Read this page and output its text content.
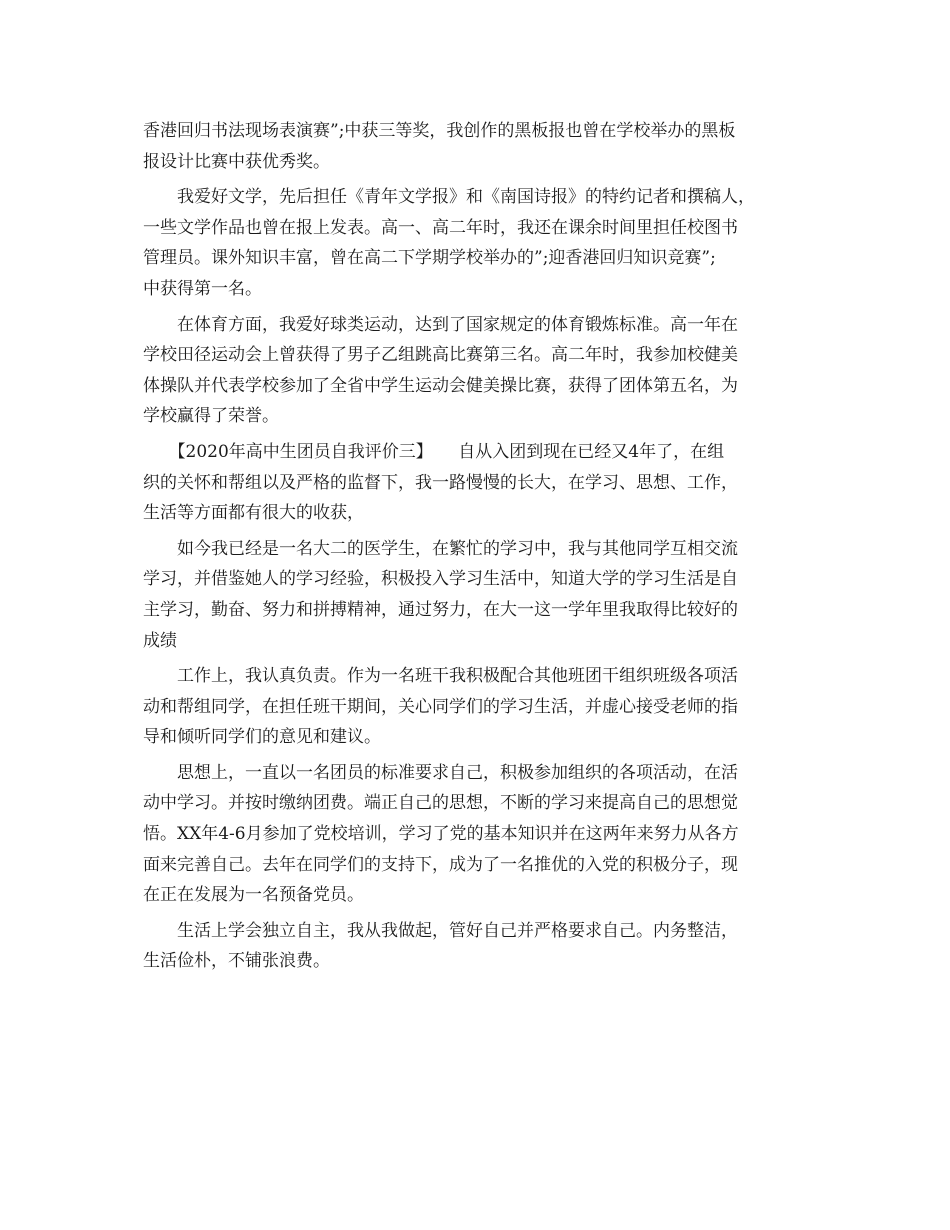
香港回归书法现场表演赛”;中获三等奖，我创作的黑板报也曾在学校举办的黑板
报设计比赛中获优秀奖。
　　我爱好文学，先后担任《青年文学报》和《南国诗报》的特约记者和撰稿人，
一些文学作品也曾在报上发表。高一、高二年时，我还在课余时间里担任校图书
管理员。课外知识丰富，曾在高二下学期学校举办的”;迎香港回归知识竞赛”;
中获得第一名。
　　在体育方面，我爱好球类运动，达到了国家规定的体育锻炼标准。高一年在
学校田径运动会上曾获得了男子乙组跳高比赛第三名。高二年时，我参加校健美
体操队并代表学校参加了全省中学生运动会健美操比赛，获得了团体第五名，为
学校赢得了荣誉。
　　【2020年高中生团员自我评价三】　　自从入团到现在已经又4年了，在组
织的关怀和帮组以及严格的监督下，我一路慢慢的长大，在学习、思想、工作，
生活等方面都有很大的收获，
　　如今我已经是一名大二的医学生，在繁忙的学习中，我与其他同学互相交流
学习，并借鉴她人的学习经验，积极投入学习生活中，知道大学的学习生活是自
主学习，勤奋、努力和拼搏精神，通过努力，在大一这一学年里我取得比较好的
成绩
　　工作上，我认真负责。作为一名班干我积极配合其他班团干组织班级各项活
动和帮组同学，在担任班干期间，关心同学们的学习生活，并虚心接受老师的指
导和倾听同学们的意见和建议。
　　思想上，一直以一名团员的标准要求自己，积极参加组织的各项活动，在活
动中学习。并按时缴纳团费。端正自己的思想，不断的学习来提高自己的思想觉
悟。XX年4-6月参加了党校培训，学习了党的基本知识并在这两年来努力从各方
面来完善自己。去年在同学们的支持下，成为了一名推优的入党的积极分子，现
在正在发展为一名预备党员。
　　生活上学会独立自主，我从我做起，管好自己并严格要求自己。内务整洁，
生活俭朴，不铺张浪费。
